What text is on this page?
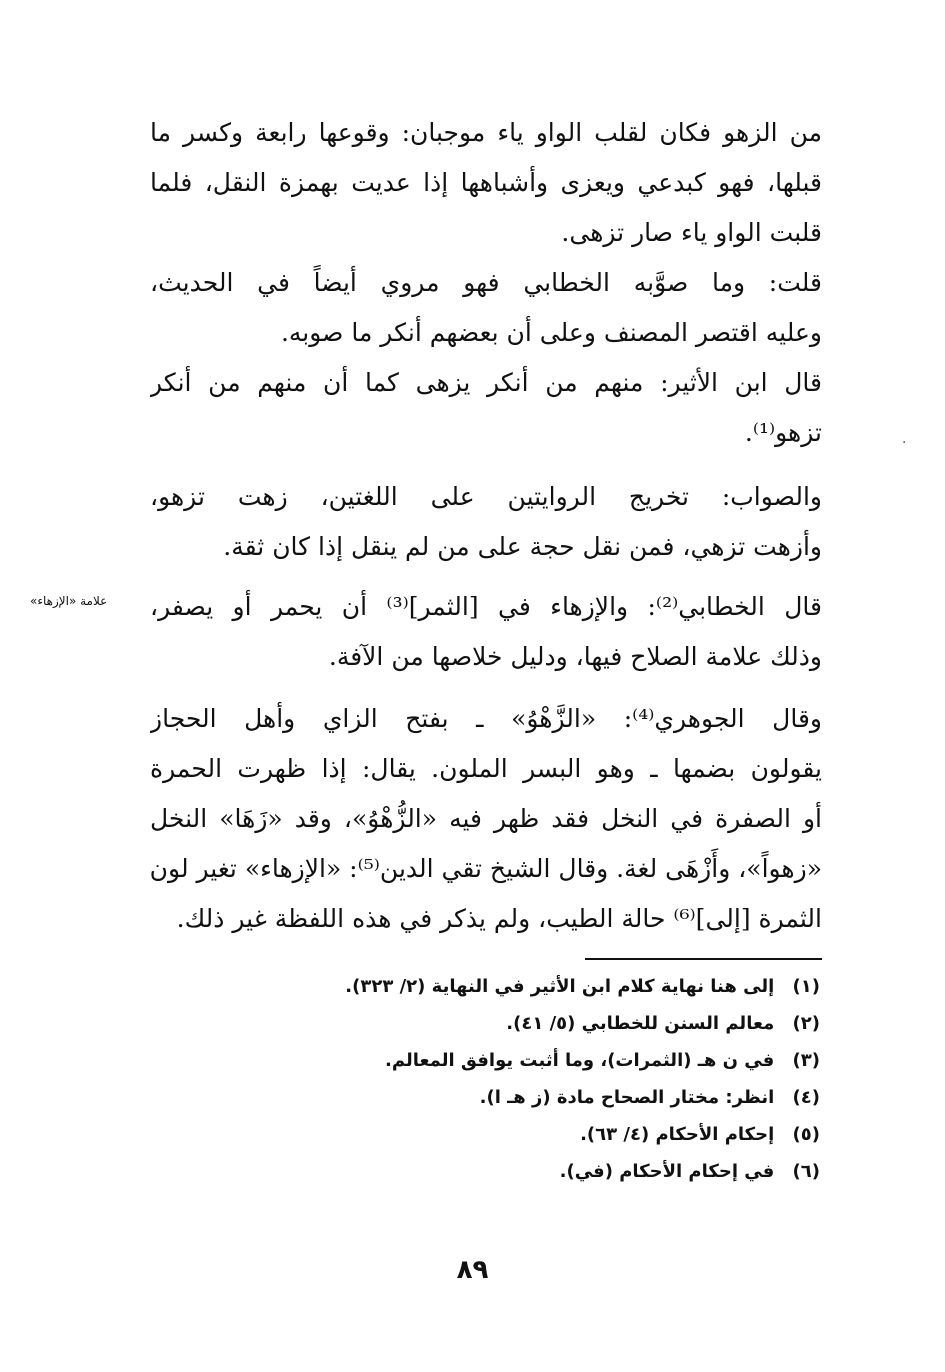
من الزهو فكان لقلب الواو ياء موجبان: وقوعها رابعة وكسر ما
قبلها، فهو كبدعي ويعزى وأشباهها إذا عديت بهمزة النقل، فلما
قلبت الواو ياء صار تزهى.
قلت: وما صوَّبه الخطابي فهو مروي أيضاً في الحديث،
وعليه اقتصر المصنف وعلى أن بعضهم أنكر ما صوبه.
قال ابن الأثير: منهم من أنكر يزهى كما أن منهم من أنكر
تزهو⁽¹⁾.
والصواب: تخريج الروايتين على اللغتين، زهت تزهو،
وأزهت تزهي، فمن نقل حجة على من لم ينقل إذا كان ثقة.
قال الخطابي⁽²⁾: والإزهاء في [الثمر]⁽³⁾ أن يحمر أو يصفر،
وذلك علامة الصلاح فيها، ودليل خلاصها من الآفة.
وقال الجوهري⁽⁴⁾: «الزَّهْوُ» ـ بفتح الزاي وأهل الحجاز
يقولون بضمها ـ وهو البسر الملون. يقال: إذا ظهرت الحمرة
أو الصفرة في النخل فقد ظهر فيه «الزُّهْوُ»، وقد «زَهَا» النخل
«زهواً»، وأَزْهَى لغة. وقال الشيخ تقي الدين⁽⁵⁾: «الإزهاء» تغير لون
الثمرة [إلى]⁽⁶⁾ حالة الطيب، ولم يذكر في هذه اللفظة غير ذلك.
علامة «الإزهاء»
·
(١) إلى هنا نهاية كلام ابن الأثير في النهاية (٢/ ٣٢٣).
(٢) معالم السنن للخطابي (٥/ ٤١).
(٣) في ن هـ (الثمرات)، وما أثبت يوافق المعالم.
(٤) انظر: مختار الصحاح مادة (ز هـ ا).
(٥) إحكام الأحكام (٤/ ٦٣).
(٦) في إحكام الأحكام (في).
٨٩
